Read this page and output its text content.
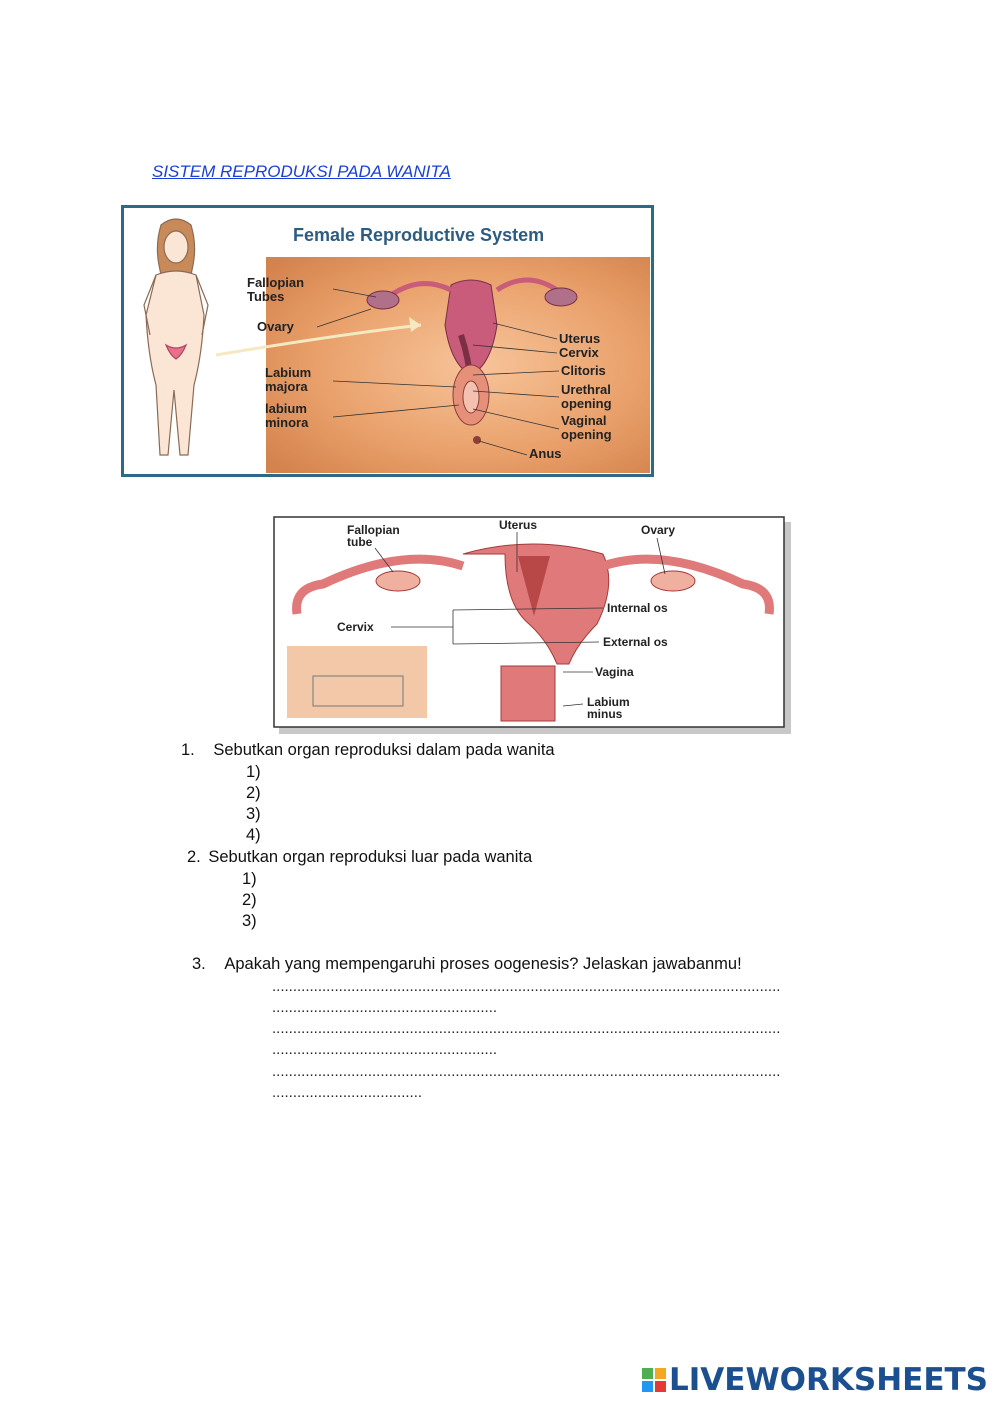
SISTEM REPRODUKSI PADA WANITA
Female Reproductive System
Fallopian
Tubes
Ovary
Labium
majora
labium
minora
Uterus
Cervix
Clitoris
Urethral
opening
Vaginal
opening
Anus
Fallopian
tube
Uterus	Ovary
Internal os
Cervix
External os
Vagina
Labium
minus
1. Sebutkan organ reproduksi dalam pada wanita
1)
2)
3)
4)
2. Sebutkan organ reproduksi luar pada wanita
1)
2)
3)
3. Apakah yang mempengaruhi proses oogenesis? Jelaskan jawabanmu!
..........................................................................................................................
......................................................
..........................................................................................................................
......................................................
..........................................................................................................................
....................................
LIVEWORKSHEETS
